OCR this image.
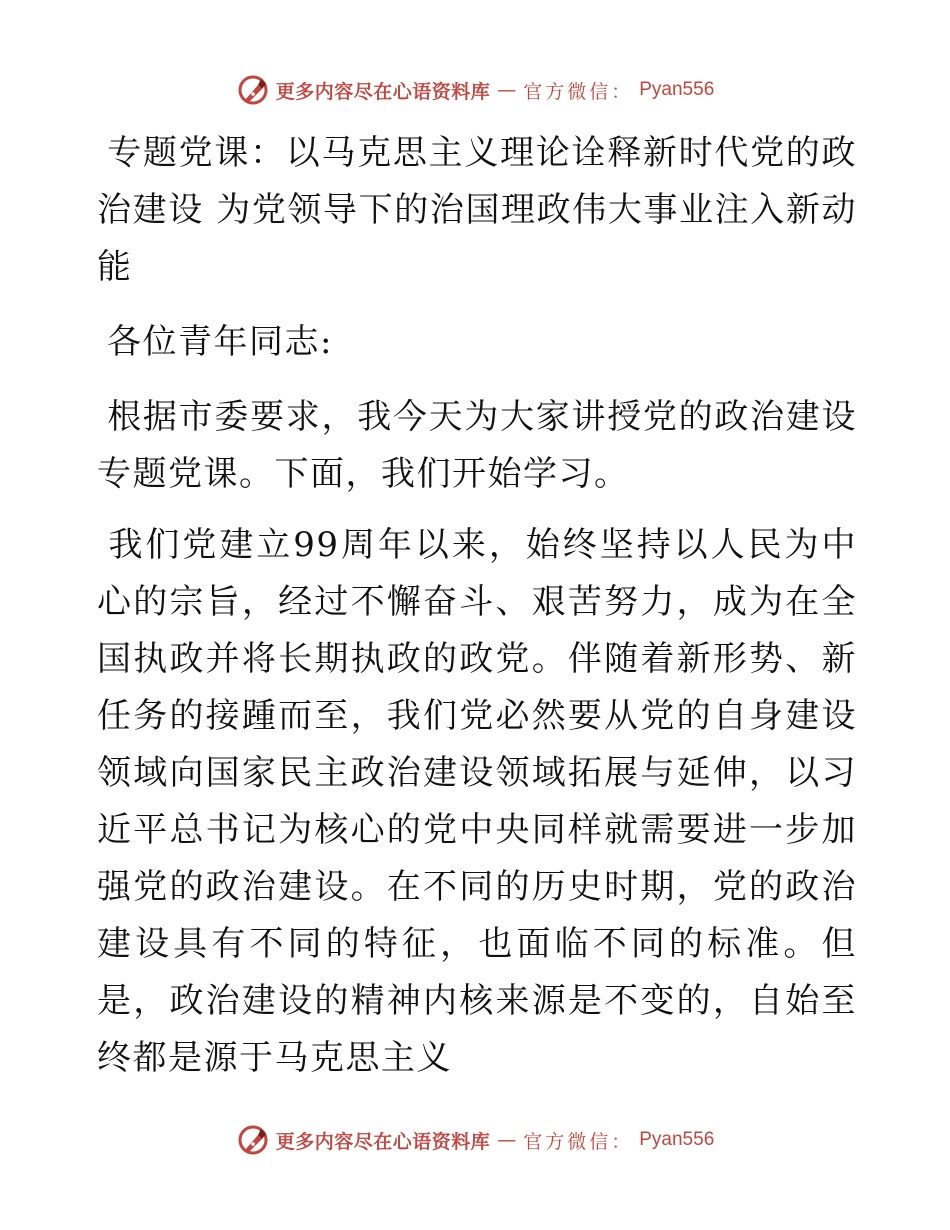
更多内容尽在心语资料库 — 官方微信： Pyan556

专题党课：以马克思主义理论诠释新时代党的政治建设 为党领导下的治国理政伟大事业注入新动能

各位青年同志:

根据市委要求，我今天为大家讲授党的政治建设专题党课。下面，我们开始学习。

我们党建立99周年以来，始终坚持以人民为中心的宗旨，经过不懈奋斗、艰苦努力，成为在全国执政并将长期执政的政党。伴随着新形势、新任务的接踵而至，我们党必然要从党的自身建设领域向国家民主政治建设领域拓展与延伸，以习近平总书记为核心的党中央同样就需要进一步加强党的政治建设。在不同的历史时期，党的政治建设具有不同的特征，也面临不同的标准。但是，政治建设的精神内核来源是不变的，自始至终都是源于马克思主义

更多内容尽在心语资料库 — 官方微信： Pyan556
